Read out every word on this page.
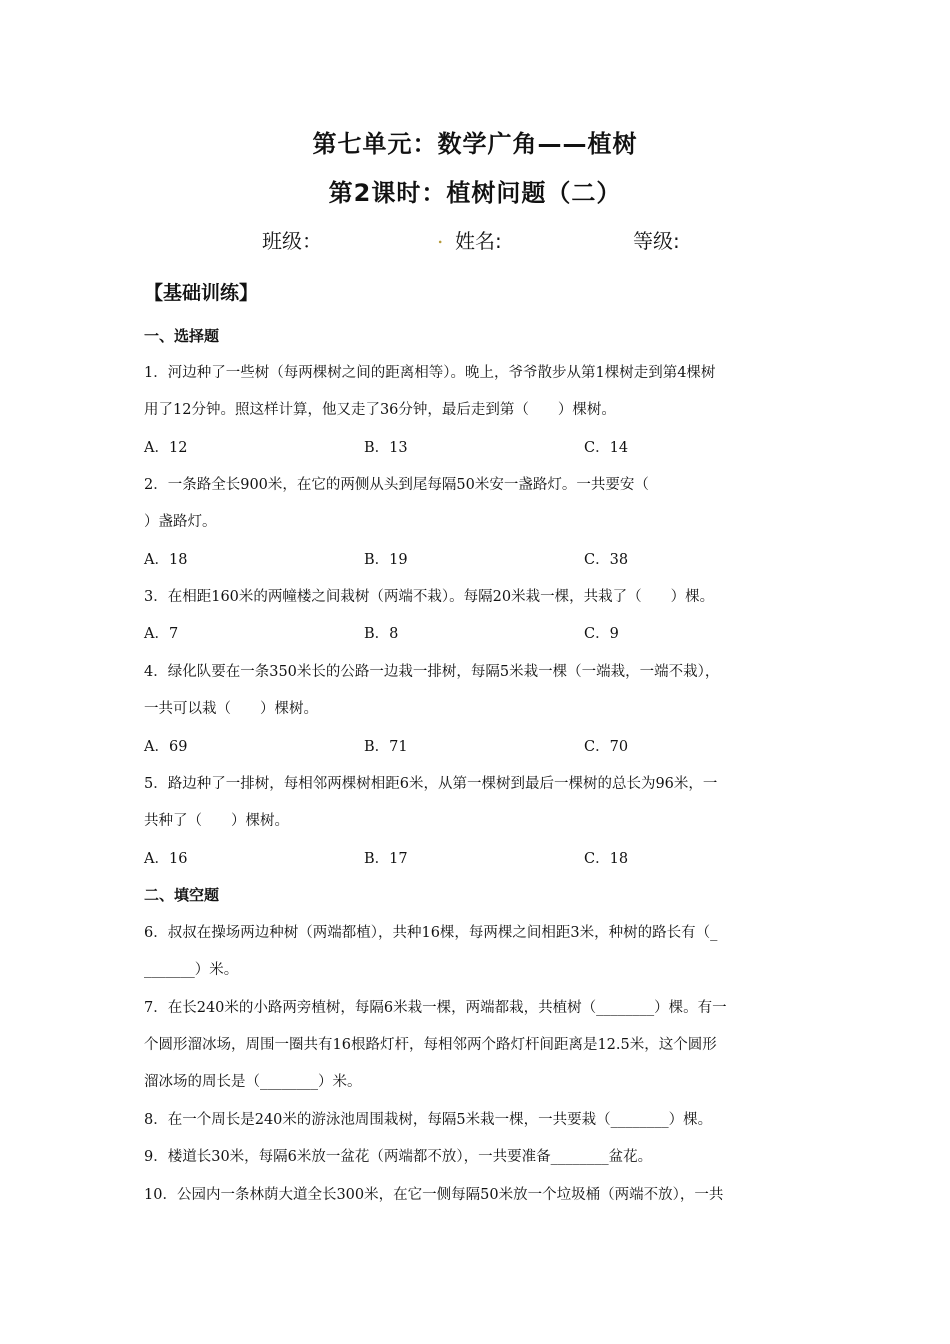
第七单元：数学广角——植树
第2课时：植树问题（二）
班级：	. 姓名:	等级:
【基础训练】
一、选择题
1．河边种了一些树（每两棵树之间的距离相等）。晚上，爷爷散步从第1棵树走到第4棵树
用了12分钟。照这样计算，他又走了36分钟，最后走到第（　　）棵树。
A．12	B．13	C．14
2．一条路全长900米，在它的两侧从头到尾每隔50米安一盏路灯。一共要安（
）盏路灯。
A．18	B．19	C．38
3．在相距160米的两幢楼之间栽树（两端不栽）。每隔20米栽一棵，共栽了（　　）棵。
A．7	B．8	C．9
4．绿化队要在一条350米长的公路一边栽一排树，每隔5米栽一棵（一端栽，一端不栽），
一共可以栽（　　）棵树。
A．69	B．71	C．70
5．路边种了一排树，每相邻两棵树相距6米，从第一棵树到最后一棵树的总长为96米，一
共种了（　　）棵树。
A．16	B．17	C．18
二、填空题
6．叔叔在操场两边种树（两端都植），共种16棵，每两棵之间相距3米，种树的路长有（_
_______）米。
7．在长240米的小路两旁植树，每隔6米栽一棵，两端都栽，共植树（________）棵。有一
个圆形溜冰场，周围一圈共有16根路灯杆，每相邻两个路灯杆间距离是12.5米，这个圆形
溜冰场的周长是（________）米。
8．在一个周长是240米的游泳池周围栽树，每隔5米栽一棵，一共要栽（________）棵。
9．楼道长30米，每隔6米放一盆花（两端都不放），一共要准备________盆花。
10．公园内一条林荫大道全长300米，在它一侧每隔50米放一个垃圾桶（两端不放），一共
